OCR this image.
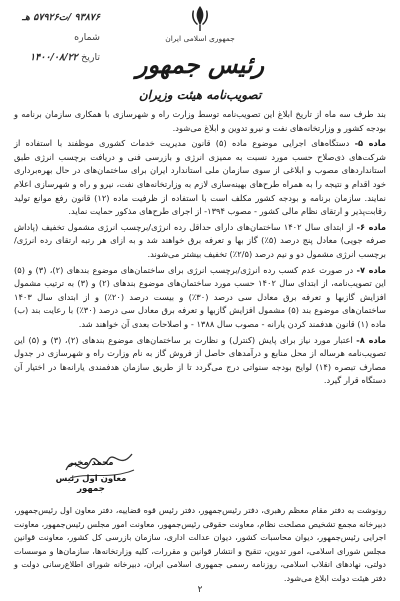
۹۳۸۷۶ /ت۵۷۹۲۶ هـ شماره
تاریخ ۱۴۰۰/۰۸/۲۲
جمهوری اسلامی ایران
رئیس جمهور
تصویب‌نامه هیئت وزیران

بند طرف سه ماه از تاریخ ابلاغ این تصویب‌نامه توسط وزارت راه و شهرسازی با همکاری سازمان برنامه و بودجه کشور و وزارتخانه‌های نفت و نیرو تدوین و ابلاغ می‌شود.

ماده ۵- دستگاه‌های اجرایی موضوع ماده (۵) قانون مدیریت خدمات کشوری موظفند با استفاده از شرکت‌های ذی‌صلاح حسب مورد نسبت به ممیزی انرژی و بازرسی فنی و دریافت برچسب انرژی طبق استانداردهای مصوب و ابلاغی از سوی سازمان ملی استاندارد ایران برای ساختمان‌های در حال بهره‌برداری خود اقدام و نتیجه را به همراه طرح‌های بهینه‌سازی لازم به وزارتخانه‌های نفت، نیرو و راه و شهرسازی اعلام نمایند. سازمان برنامه و بودجه کشور مکلف است با استفاده از ظرفیت ماده (۱۲) قانون رفع موانع تولید رقابت‌پذیر و ارتقای نظام مالی کشور - مصوب ۱۳۹۴- از اجرای طرح‌های مذکور حمایت نماید.

ماده ۶- از ابتدای سال ۱۴۰۲ ساختمان‌های دارای حداقل رده انرژی/برچسب انرژی مشمول تخفیف (پاداش صرفه جویی) معادل پنج درصد (۵٪) گاز بها و تعرفه برق خواهند شد و به ازای هر رتبه ارتقای رده انرژی/برچسب انرژی مشمول دو و نیم درصد (۲/۵٪) تخفیف بیشتر می‌شوند.

ماده ۷- در صورت عدم کسب رده انرژی/برچسب انرژی برای ساختمان‌های موضوع بندهای (۲)، (۳) و (۵) این تصویب‌نامه، از ابتدای سال ۱۴۰۲ حسب مورد ساختمان‌های موضوع بندهای (۲) و (۳) به ترتیب مشمول افزایش گازبها و تعرفه برق معادل سی درصد (۳۰٪) و بیست درصد (۲۰٪) و از ابتدای سال ۱۴۰۳ ساختمان‌های موضوع بند (۵) مشمول افزایش گازبها و تعرفه برق معادل سی درصد (۳۰٪) با رعایت بند (ب) ماده (۱) قانون هدفمند کردن یارانه - مصوب سال ۱۳۸۸ - و اصلاحات بعدی آن خواهند شد.

ماده ۸- اعتبار مورد نیاز برای پایش (کنترل) و نظارت بر ساختمان‌های موضوع بندهای (۲)، (۳) و (۵) این تصویب‌نامه هرساله از محل منابع و درآمدهای حاصل از فروش گاز به نام وزارت راه و شهرسازی در جدول مصارف تبصره (۱۴) لوایح بودجه سنواتی درج می‌گردد تا از طریق سازمان هدفمندی یارانه‌ها در اختیار آن دستگاه قرار گیرد.

محمد مخبر
معاون اول رئیس جمهور
رونوشت به دفتر مقام معظم رهبری، دفتر رئیس‌جمهور، دفتر رئیس قوه قضاییه، دفتر معاون اول رئیس‌جمهور، دبیرخانه مجمع تشخیص مصلحت نظام، معاونت حقوقی رئیس‌جمهور، معاونت امور مجلس رئیس‌جمهور، معاونت اجرایی رئیس‌جمهور، دیوان محاسبات کشور، دیوان عدالت اداری، سازمان بازرسی کل کشور، معاونت قوانین مجلس شورای اسلامی، امور تدوین، تنقیح و انتشار قوانین و مقررات، کلیه وزارتخانه‌ها، سازمان‌ها و موسسات دولتی، نهادهای انقلاب اسلامی، روزنامه رسمی جمهوری اسلامی ایران، دبیرخانه شورای اطلاع‌رسانی دولت و دفتر هیئت دولت ابلاغ می‌شود.
۲
